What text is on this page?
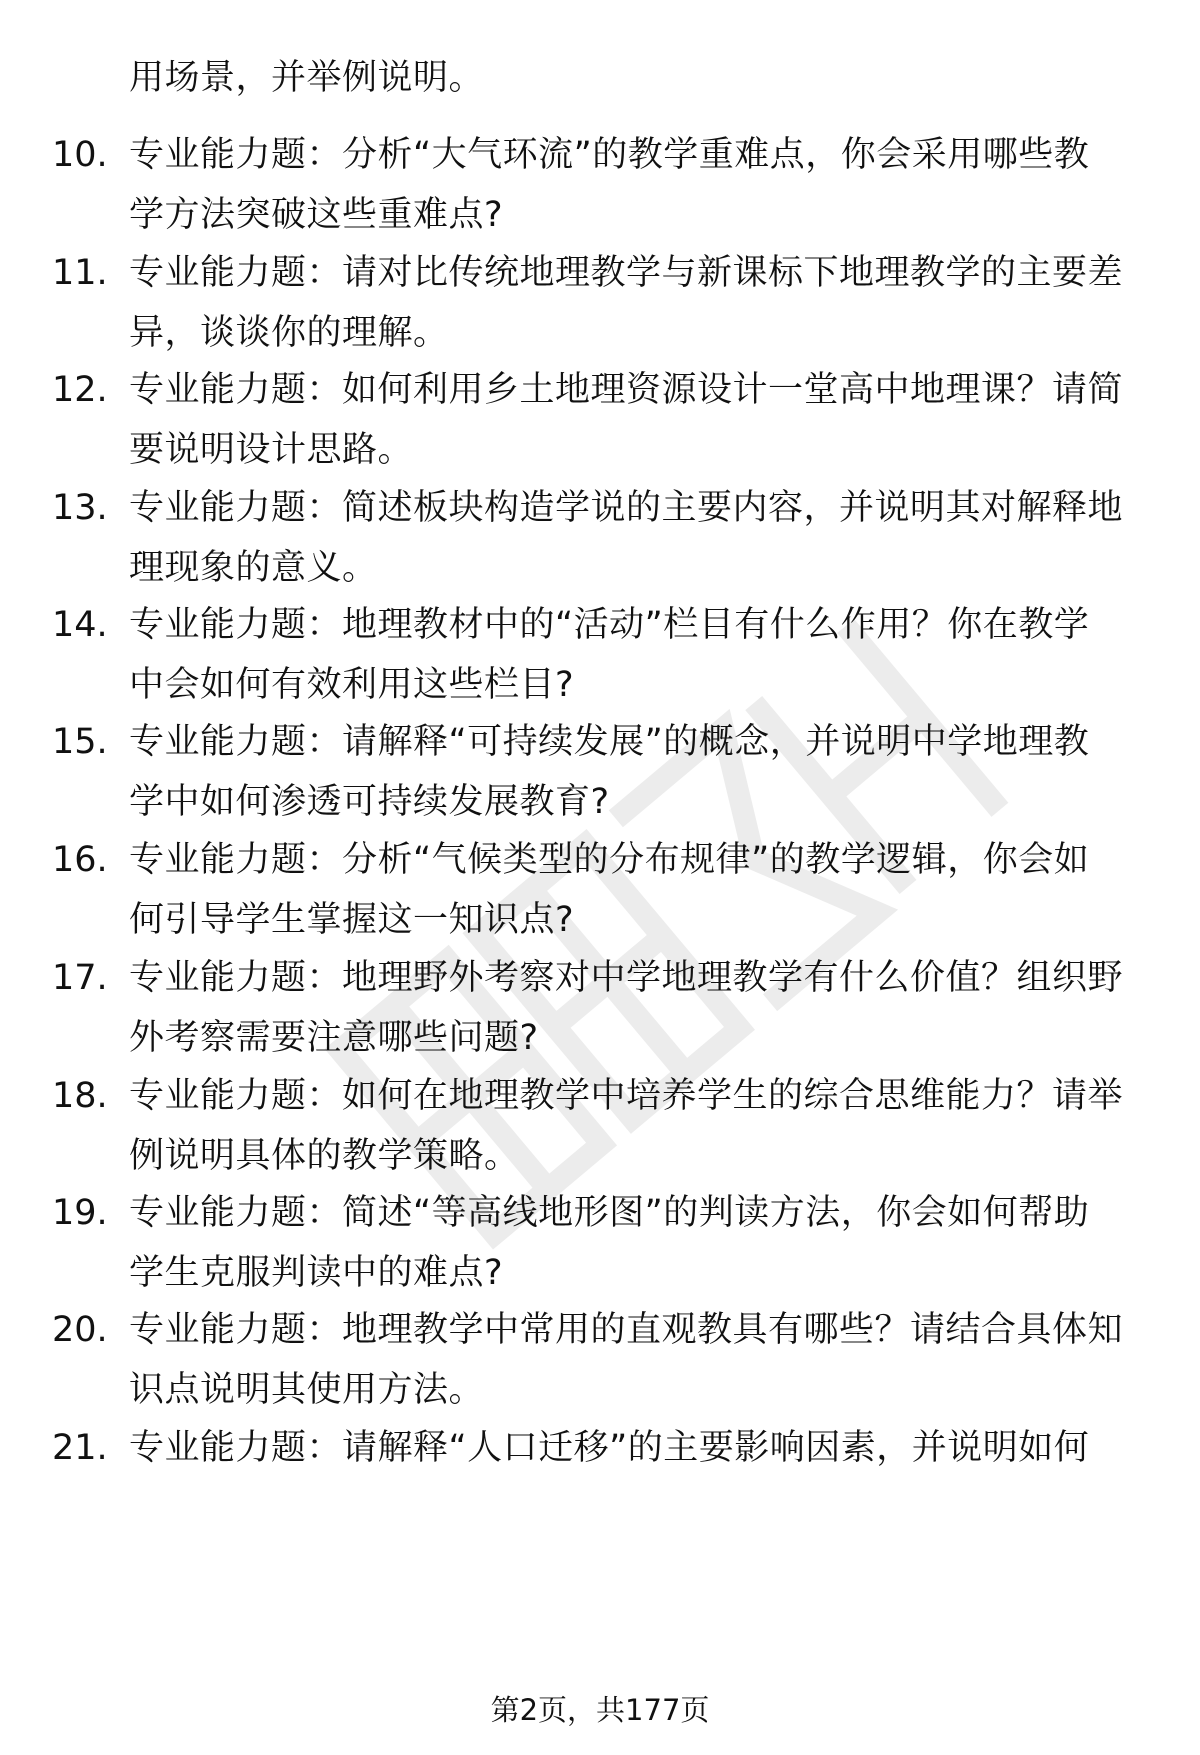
用场景，并举例说明。
10. 专业能力题：分析“大气环流”的教学重难点，你会采用哪些教
学方法突破这些重难点?
11. 专业能力题：请对比传统地理教学与新课标下地理教学的主要差
异，谈谈你的理解。
12. 专业能力题：如何利用乡土地理资源设计一堂高中地理课？请简
要说明设计思路。
13. 专业能力题：简述板块构造学说的主要内容，并说明其对解释地
理现象的意义。
14. 专业能力题：地理教材中的“活动”栏目有什么作用？你在教学
中会如何有效利用这些栏目?
15. 专业能力题：请解释“可持续发展”的概念，并说明中学地理教
学中如何渗透可持续发展教育?
16. 专业能力题：分析“气候类型的分布规律”的教学逻辑，你会如
何引导学生掌握这一知识点?
17. 专业能力题：地理野外考察对中学地理教学有什么价值？组织野
外考察需要注意哪些问题?
18. 专业能力题：如何在地理教学中培养学生的综合思维能力？请举
例说明具体的教学策略。
19. 专业能力题：简述“等高线地形图”的判读方法，你会如何帮助
学生克服判读中的难点?
20. 专业能力题：地理教学中常用的直观教具有哪些？请结合具体知
识点说明其使用方法。
21. 专业能力题：请解释“人口迁移”的主要影响因素，并说明如何
第2页，共177页
